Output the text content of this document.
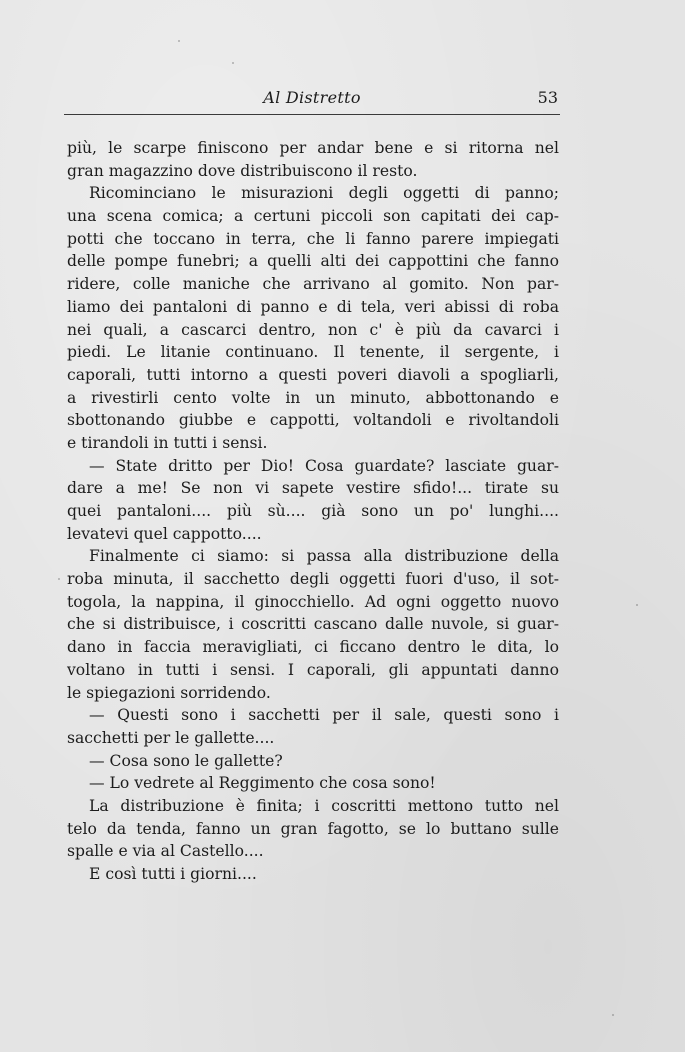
Al Distretto	53
più, le scarpe finiscono per andar bene e si ritorna nel
gran magazzino dove distribuiscono il resto.
Ricominciano le misurazioni degli oggetti di panno;
una scena comica; a certuni piccoli son capitati dei cap-
potti che toccano in terra, che li fanno parere impiegati
delle pompe funebri; a quelli alti dei cappottini che fanno
ridere, colle maniche che arrivano al gomito. Non par-
liamo dei pantaloni di panno e di tela, veri abissi di roba
nei quali, a cascarci dentro, non c' è più da cavarci i
piedi. Le litanie continuano. Il tenente, il sergente, i
caporali, tutti intorno a questi poveri diavoli a spogliarli,
a rivestirli cento volte in un minuto, abbottonando e
sbottonando giubbe e cappotti, voltandoli e rivoltandoli
e tirandoli in tutti i sensi.
— State dritto per Dio! Cosa guardate? lasciate guar-
dare a me! Se non vi sapete vestire sfido!... tirate su
quei pantaloni.... più sù.... già sono un po' lunghi....
levatevi quel cappotto....
Finalmente ci siamo: si passa alla distribuzione della
roba minuta, il sacchetto degli oggetti fuori d'uso, il sot-
togola, la nappina, il ginocchiello. Ad ogni oggetto nuovo
che si distribuisce, i coscritti cascano dalle nuvole, si guar-
dano in faccia meravigliati, ci ficcano dentro le dita, lo
voltano in tutti i sensi. I caporali, gli appuntati danno
le spiegazioni sorridendo.
— Questi sono i sacchetti per il sale, questi sono i
sacchetti per le gallette....
— Cosa sono le gallette?
— Lo vedrete al Reggimento che cosa sono!
La distribuzione è finita; i coscritti mettono tutto nel
telo da tenda, fanno un gran fagotto, se lo buttano sulle
spalle e via al Castello....
E così tutti i giorni....
